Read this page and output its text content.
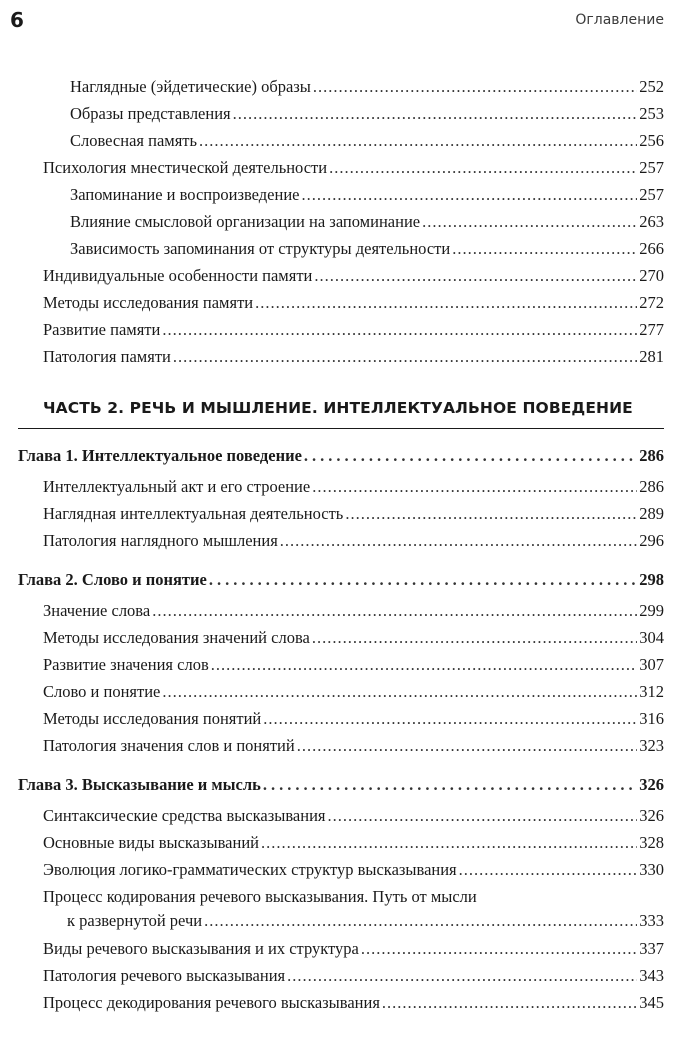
6	Оглавление
Наглядные (эйдетические) образы .....	252
Образы представления .....	253
Словесная память .....	256
Психология мнестической деятельности .....	257
Запоминание и воспроизведение .....	257
Влияние смысловой организации на запоминание .....	263
Зависимость запоминания от структуры деятельности .....	266
Индивидуальные особенности памяти .....	270
Методы исследования памяти .....	272
Развитие памяти .....	277
Патология памяти .....	281
ЧАСТЬ 2. РЕЧЬ И МЫШЛЕНИЕ. ИНТЕЛЛЕКТУАЛЬНОЕ ПОВЕДЕНИЕ
Глава 1. Интеллектуальное поведение .....	286
Интеллектуальный акт и его строение .....	286
Наглядная интеллектуальная деятельность .....	289
Патология наглядного мышления .....	296
Глава 2. Слово и понятие .....	298
Значение слова .....	299
Методы исследования значений слова .....	304
Развитие значения слов .....	307
Слово и понятие .....	312
Методы исследования понятий .....	316
Патология значения слов и понятий .....	323
Глава 3. Высказывание и мысль .....	326
Синтаксические средства высказывания .....	326
Основные виды высказываний .....	328
Эволюция логико-грамматических структур высказывания .....	330
Процесс кодирования речевого высказывания. Путь от мысли
к развернутой речи .....	333
Виды речевого высказывания и их структура .....	337
Патология речевого высказывания .....	343
Процесс декодирования речевого высказывания .....	345
